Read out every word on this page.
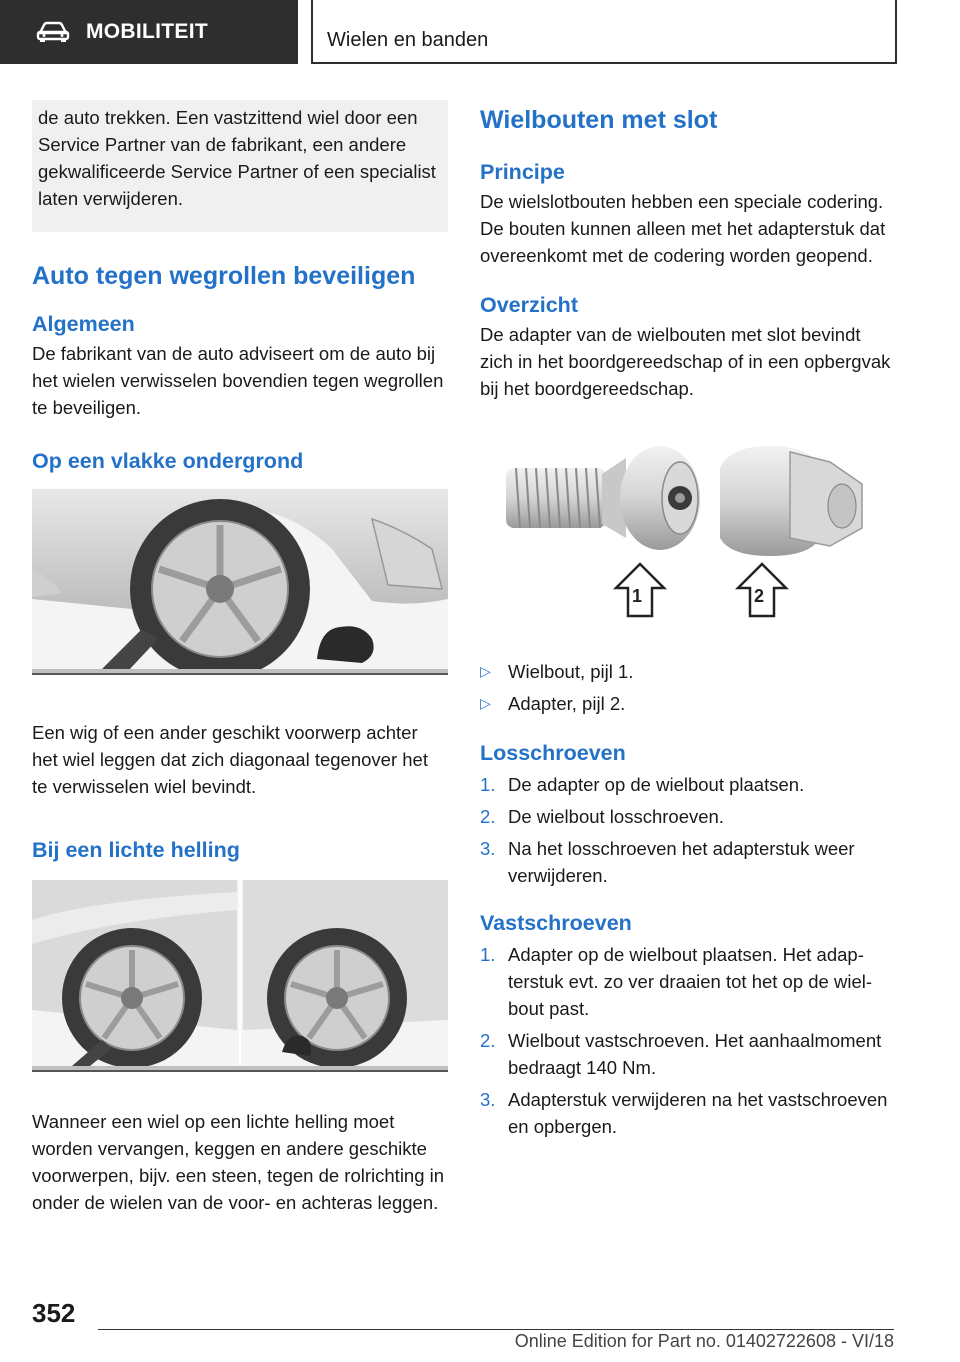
MOBILITEIT	Wielen en banden
de auto trekken. Een vastzittend wiel door een Service Partner van de fabrikant, een andere gekwalificeerde Service Partner of een specialist laten verwijderen.
Auto tegen wegrollen beveiligen
Algemeen

De fabrikant van de auto adviseert om de auto bij het wielen verwisselen bovendien tegen wegrollen te beveiligen.

Op een vlakke ondergrond

Een wig of een ander geschikt voorwerp achter het wiel leggen dat zich diagonaal tegenover het te verwisselen wiel bevindt.

Bij een lichte helling

Wanneer een wiel op een lichte helling moet worden vervangen, keggen en andere geschikte voorwerpen, bijv. een steen, tegen de rolrichting in onder de wielen van de voor- en achteras leggen.

Wielbouten met slot
Principe

De wielslotbouten hebben een speciale codering. De bouten kunnen alleen met het adapterstuk dat overeenkomt met de codering worden geopend.

Overzicht

De adapter van de wielbouten met slot bevindt zich in het boordgereedschap of in een opbergvak bij het boordgereedschap.

1	2
▷ Wielbout, pijl 1.
▷ Adapter, pijl 2.
Losschroeven
1. De adapter op de wielbout plaatsen.
2. De wielbout losschroeven.
3. Na het losschroeven het adapterstuk weer verwijderen.
Vastschroeven
1. Adapter op de wielbout plaatsen. Het adapterstuk evt. zo ver draaien tot het op de wielbout past.
2. Wielbout vastschroeven. Het aanhaalmoment bedraagt 140 Nm.
3. Adapterstuk verwijderen na het vastschroeven en opbergen.
352
Online Edition for Part no. 01402722608 - VI/18
